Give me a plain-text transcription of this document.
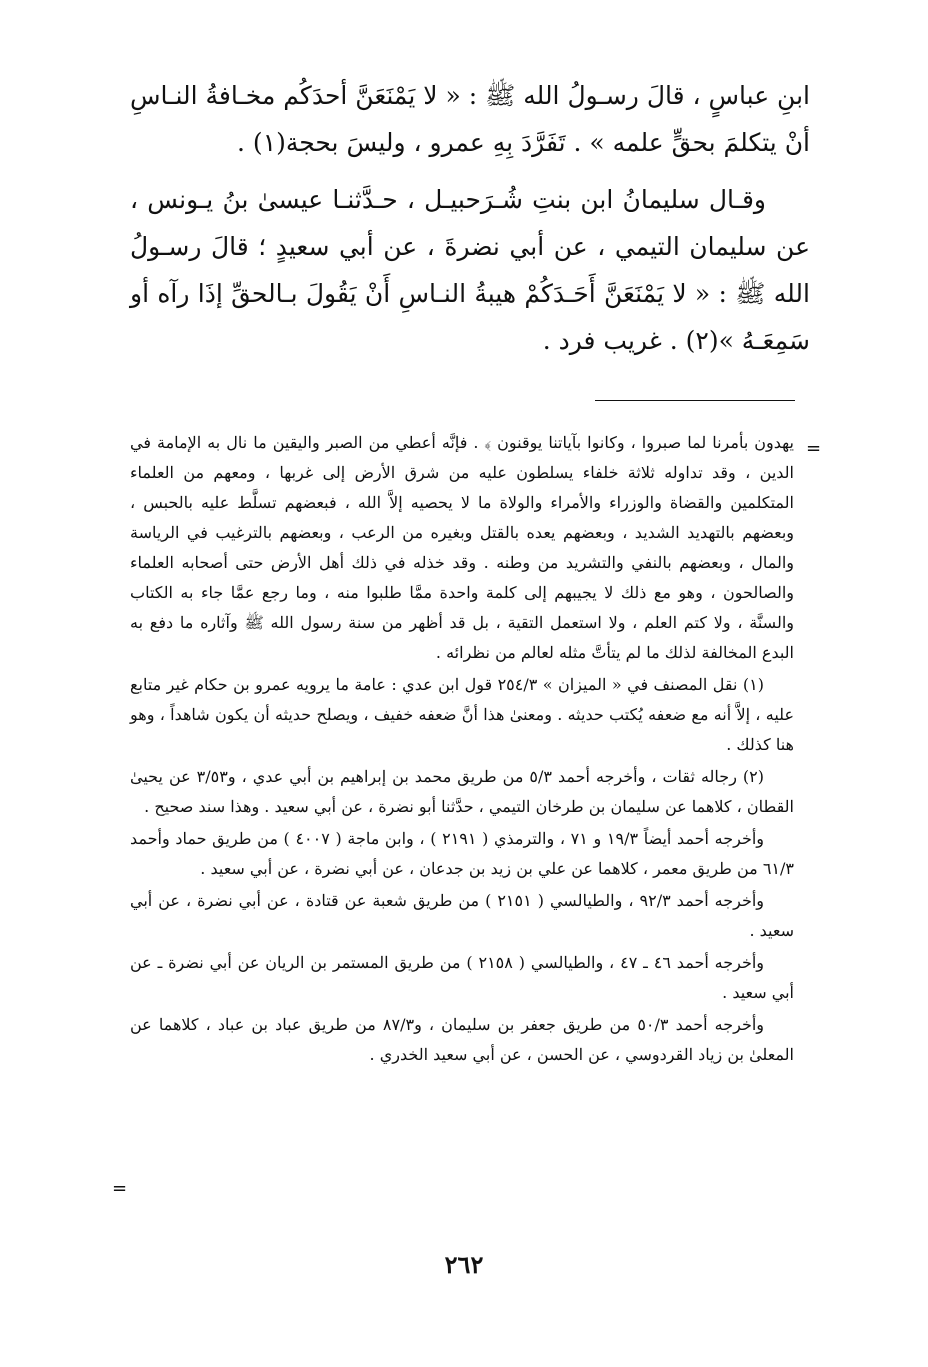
ابنِ عباسٍ ، قالَ رسـولُ الله ﷺ : « لا يَمْنَعَنَّ أحدَكُم مخـافةُ النـاسِ أنْ يتكلمَ بحقٍّ علمه » . تَفَرَّدَ بِهِ عمرو ، وليسَ بحجة(١) .

وقـال سليمانُ ابن بنتِ شُـرَحبيـل ، حـدَّثنـا عيسىٰ بنُ يـونس ، عن سليمان التيمي ، عن أبي نضرةَ ، عن أبي سعيدٍ ؛ قالَ رسـولُ الله ﷺ : « لا يَمْنَعَنَّ أَحَـدَكُمْ هيبةُ النـاسِ أَنْ يَقُولَ بـالحقِّ إذَا رآه أو سَمِعَـهُ »(٢) . غريب فرد .

=

يهدون بأمرنا لما صبروا ، وكانوا بآياتنا يوقنون ﴾ . فإنَّه أعطي من الصبر واليقين ما نال به الإمامة في الدين ، وقد تداوله ثلاثة خلفاء يسلطون عليه من شرق الأرض إلى غربها ، ومعهم من العلماء المتكلمين والقضاة والوزراء والأمراء والولاة ما لا يحصيه إلاَّ الله ، فبعضهم تسلَّط عليه بالحبس ، وبعضهم بالتهديد الشديد ، وبعضهم يعده بالقتل وبغيره من الرعب ، وبعضهم بالترغيب في الرياسة والمال ، وبعضهم بالنفي والتشريد من وطنه . وقد خذله في ذلك أهل الأرض حتى أصحابه العلماء والصالحون ، وهو مع ذلك لا يجيبهم إلى كلمة واحدة ممَّا طلبوا منه ، وما رجع عمَّا جاء به الكتاب والسنَّة ، ولا كتم العلم ، ولا استعمل التقية ، بل قد أظهر من سنة رسول الله ﷺ وآثاره ما دفع به البدع المخالفة لذلك ما لم يتأتَّ مثله لعالم من نظرائه .

(١) نقل المصنف في « الميزان » ٢٥٤/٣ قول ابن عدي : عامة ما يرويه عمرو بن حكام غير متابع عليه ، إلاَّ أنه مع ضعفه يُكتب حديثه . ومعنىٰ هذا أنَّ ضعفه خفيف ، ويصلح حديثه أن يكون شاهداً ، وهو هنا كذلك .

(٢) رجاله ثقات ، وأخرجه أحمد ٥/٣ من طريق محمد بن إبراهيم بن أبي عدي ، و٣/٥٣ عن يحيىٰ القطان ، كلاهما عن سليمان بن طرخان التيمي ، حدَّثنا أبو نضرة ، عن أبي سعيد . وهذا سند صحيح .

وأخرجه أحمد أيضاً ١٩/٣ و ٧١ ، والترمذي ( ٢١٩١ ) ، وابن ماجة ( ٤٠٠٧ ) من طريق حماد وأحمد ٦١/٣ من طريق معمر ، كلاهما عن علي بن زيد بن جدعان ، عن أبي نضرة ، عن أبي سعيد .

وأخرجه أحمد ٩٢/٣ ، والطيالسي ( ٢١٥١ ) من طريق شعبة عن قتادة ، عن أبي نضرة ، عن أبي سعيد .

وأخرجه أحمد ٤٦ ـ ٤٧ ، والطيالسي ( ٢١٥٨ ) من طريق المستمر بن الريان عن أبي نضرة ـ عن أبي سعيد .

وأخرجه أحمد ٥٠/٣ من طريق جعفر بن سليمان ، و٨٧/٣ من طريق عباد بن عباد ، كلاهما عن المعلىٰ بن زياد القردوسي ، عن الحسن ، عن أبي سعيد الخدري .

=
٢٦٢
